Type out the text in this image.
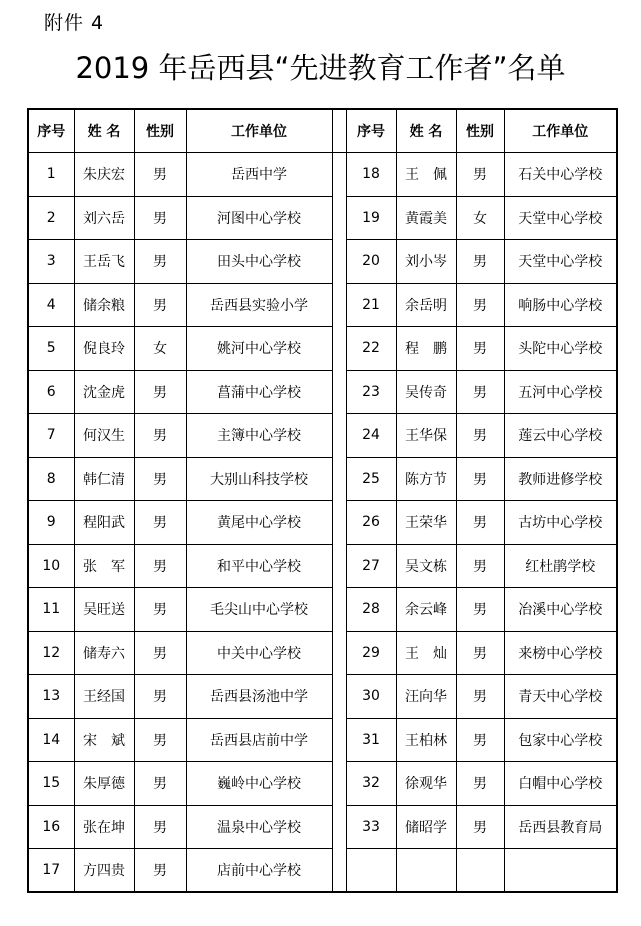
附件 4
2019 年岳西县“先进教育工作者”名单
序号	姓 名	性别	工作单位		序号	姓 名	性别	工作单位
1	朱庆宏	男	岳西中学		18	王　佩	男	石关中心学校
2	刘六岳	男	河图中心学校		19	黄霞美	女	天堂中心学校
3	王岳飞	男	田头中心学校		20	刘小岑	男	天堂中心学校
4	储余粮	男	岳西县实验小学		21	余岳明	男	响肠中心学校
5	倪良玲	女	姚河中心学校		22	程　鹏	男	头陀中心学校
6	沈金虎	男	菖蒲中心学校		23	吴传奇	男	五河中心学校
7	何汉生	男	主簿中心学校		24	王华保	男	莲云中心学校
8	韩仁清	男	大别山科技学校		25	陈方节	男	教师进修学校
9	程阳武	男	黄尾中心学校		26	王荣华	男	古坊中心学校
10	张　军	男	和平中心学校		27	吴文栋	男	红杜鹃学校
11	吴旺送	男	毛尖山中心学校		28	余云峰	男	冶溪中心学校
12	储寿六	男	中关中心学校		29	王　灿	男	来榜中心学校
13	王经国	男	岳西县汤池中学		30	汪向华	男	青天中心学校
14	宋　斌	男	岳西县店前中学		31	王柏林	男	包家中心学校
15	朱厚德	男	巍岭中心学校		32	徐观华	男	白帽中心学校
16	张在坤	男	温泉中心学校		33	储昭学	男	岳西县教育局
17	方四贵	男	店前中心学校					
